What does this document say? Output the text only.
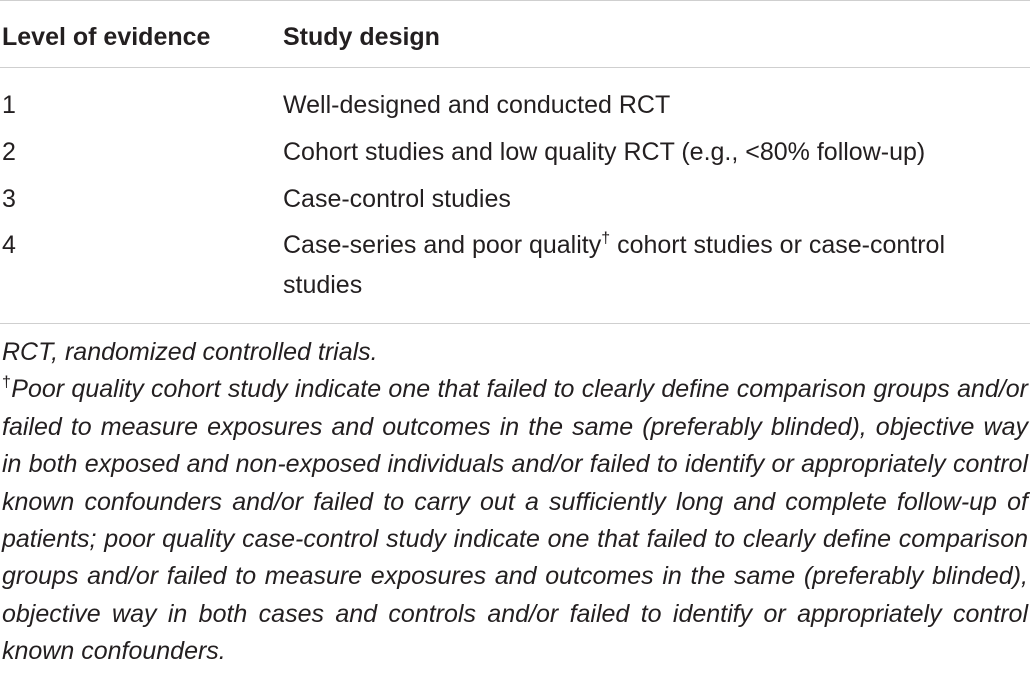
Level of evidence	Study design
1	Well-designed and conducted RCT
2	Cohort studies and low quality RCT (e.g., <80% follow-up)
3	Case-control studies
4	Case-series and poor quality† cohort studies or case-control studies

RCT, randomized controlled trials.

†Poor quality cohort study indicate one that failed to clearly define comparison groups and/or failed to measure exposures and outcomes in the same (preferably blinded), objective way in both exposed and non-exposed individuals and/or failed to identify or appropriately control known confounders and/or failed to carry out a sufficiently long and complete follow-up of patients; poor quality case-control study indicate one that failed to clearly define comparison groups and/or failed to measure exposures and outcomes in the same (preferably blinded), objective way in both cases and controls and/or failed to identify or appropriately control known confounders.
